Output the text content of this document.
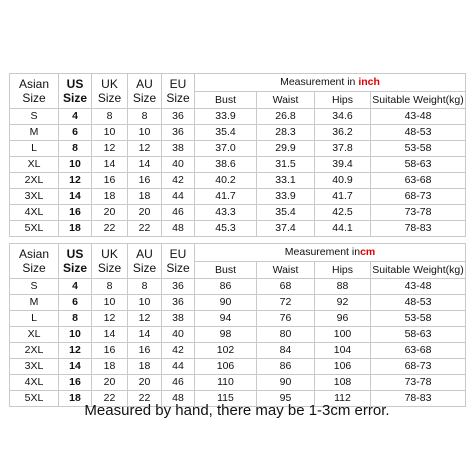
Asian Size	US Size	UK Size	AU Size	EU Size	Measurement in inch			
					Bust	Waist	Hips	Suitable Weight(kg)
S	4	8	8	36	33.9	26.8	34.6	43-48
M	6	10	10	36	35.4	28.3	36.2	48-53
L	8	12	12	38	37.0	29.9	37.8	53-58
XL	10	14	14	40	38.6	31.5	39.4	58-63
2XL	12	16	16	42	40.2	33.1	40.9	63-68
3XL	14	18	18	44	41.7	33.9	41.7	68-73
4XL	16	20	20	46	43.3	35.4	42.5	73-78
5XL	18	22	22	48	45.3	37.4	44.1	78-83
Asian Size	US Size	UK Size	AU Size	EU Size	Measurement incm			
					Bust	Waist	Hips	Suitable Weight(kg)
S	4	8	8	36	86	68	88	43-48
M	6	10	10	36	90	72	92	48-53
L	8	12	12	38	94	76	96	53-58
XL	10	14	14	40	98	80	100	58-63
2XL	12	16	16	42	102	84	104	63-68
3XL	14	18	18	44	106	86	106	68-73
4XL	16	20	20	46	110	90	108	73-78
5XL	18	22	22	48	115	95	112	78-83
Measured by hand, there may be 1-3cm error.
